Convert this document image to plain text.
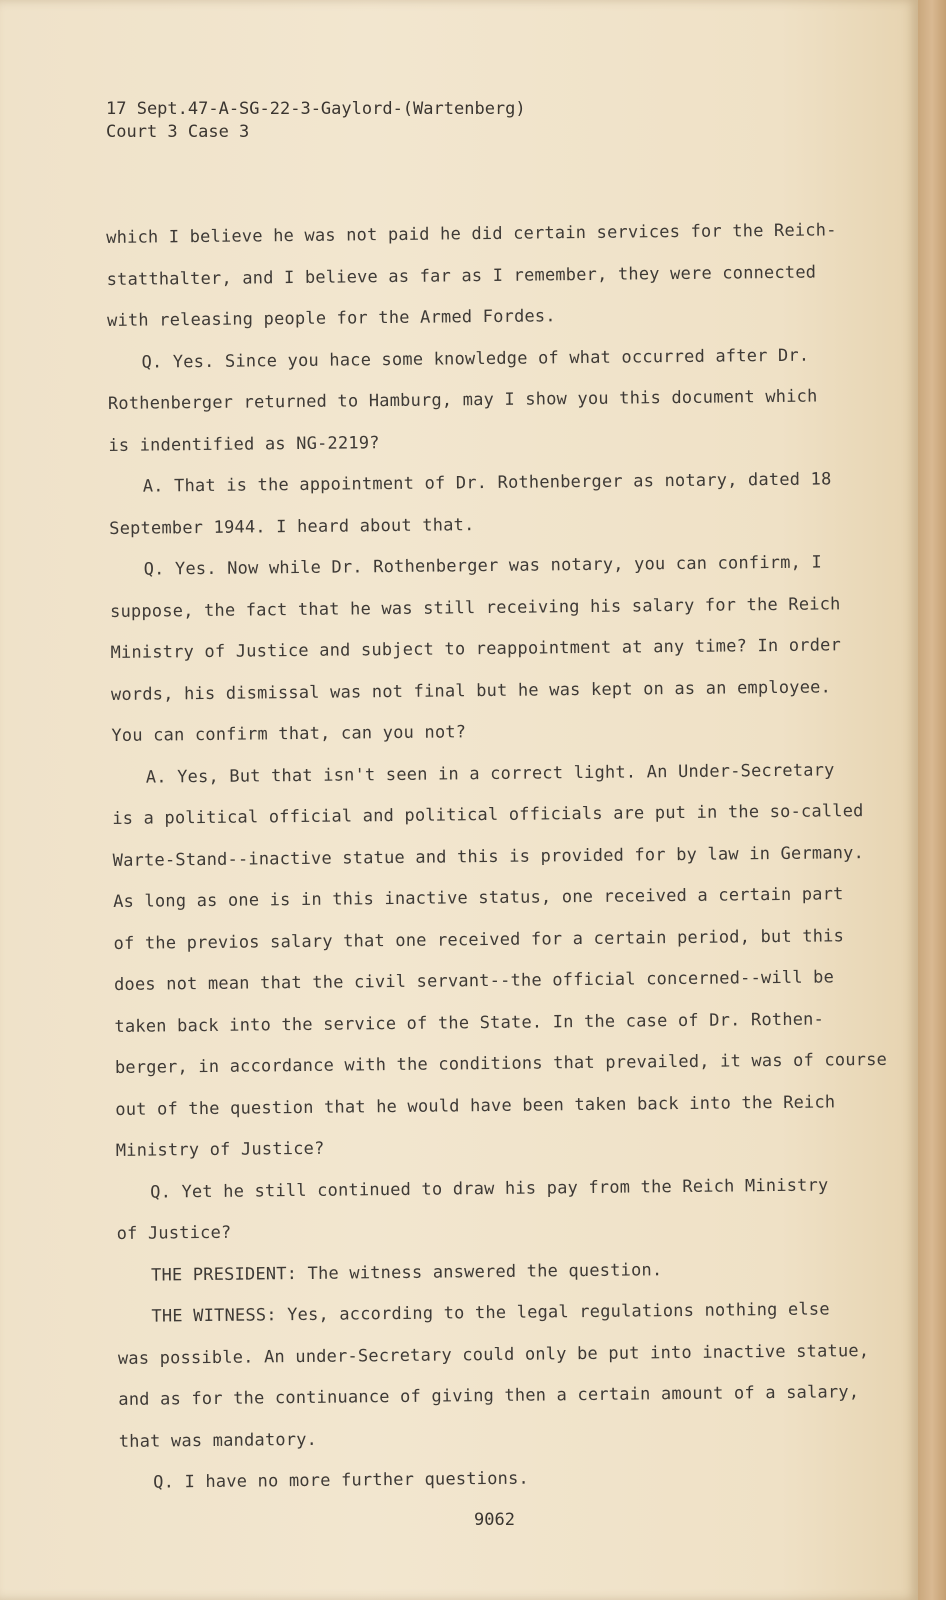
17 Sept.47-A-SG-22-3-Gaylord-(Wartenberg)
Court 3 Case 3
which I believe he was not paid he did certain services for the Reich-
statthalter, and I believe as far as I remember, they were connected
with releasing people for the Armed Fordes.
Q. Yes. Since you hace some knowledge of what occurred after Dr.
Rothenberger returned to Hamburg, may I show you this document which
is indentified as NG-2219?
A. That is the appointment of Dr. Rothenberger as notary, dated 18
September 1944. I heard about that.
Q. Yes. Now while Dr. Rothenberger was notary, you can confirm, I
suppose, the fact that he was still receiving his salary for the Reich
Ministry of Justice and subject to reappointment at any time? In order
words, his dismissal was not final but he was kept on as an employee.
You can confirm that, can you not?
A. Yes, But that isn't seen in a correct light. An Under-Secretary
is a political official and political officials are put in the so-called
Warte-Stand--inactive statue and this is provided for by law in Germany.
As long as one is in this inactive status, one received a certain part
of the previos salary that one received for a certain period, but this
does not mean that the civil servant--the official concerned--will be
taken back into the service of the State. In the case of Dr. Rothen-
berger, in accordance with the conditions that prevailed, it was of course
out of the question that he would have been taken back into the Reich
Ministry of Justice?
Q. Yet he still continued to draw his pay from the Reich Ministry
of Justice?
THE PRESIDENT: The witness answered the question.
THE WITNESS: Yes, according to the legal regulations nothing else
was possible. An under-Secretary could only be put into inactive statue,
and as for the continuance of giving then a certain amount of a salary,
that was mandatory.
Q. I have no more further questions.
9062
